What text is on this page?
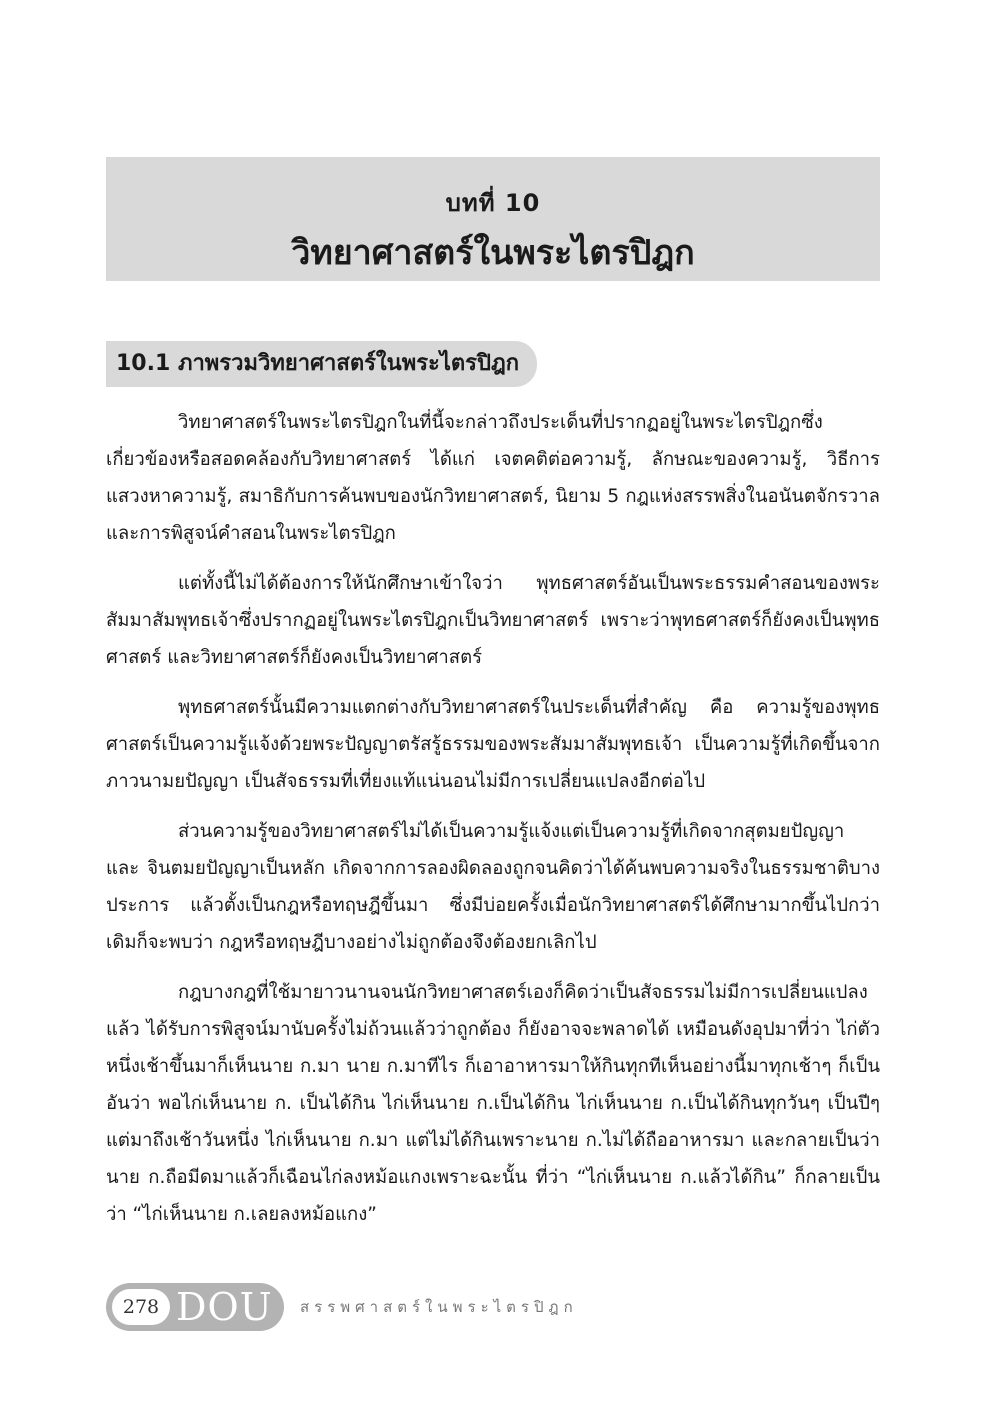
บทที่ 10
วิทยาศาสตร์ในพระไตรปิฎก
10.1 ภาพรวมวิทยาศาสตร์ในพระไตรปิฎก

วิทยาศาสตร์ในพระไตรปิฎกในที่นี้จะกล่าวถึงประเด็นที่ปรากฏอยู่ในพระไตรปิฎกซึ่งเกี่ยวข้องหรือสอดคล้องกับวิทยาศาสตร์ ได้แก่ เจตคติต่อความรู้, ลักษณะของความรู้, วิธีการแสวงหาความรู้, สมาธิกับการค้นพบของนักวิทยาศาสตร์, นิยาม 5 กฎแห่งสรรพสิ่งในอนันตจักรวาล และการพิสูจน์คำสอนในพระไตรปิฎก

แต่ทั้งนี้ไม่ได้ต้องการให้นักศึกษาเข้าใจว่า พุทธศาสตร์อันเป็นพระธรรมคำสอนของพระสัมมาสัมพุทธเจ้าซึ่งปรากฏอยู่ในพระไตรปิฎกเป็นวิทยาศาสตร์ เพราะว่าพุทธศาสตร์ก็ยังคงเป็นพุทธศาสตร์ และวิทยาศาสตร์ก็ยังคงเป็นวิทยาศาสตร์

พุทธศาสตร์นั้นมีความแตกต่างกับวิทยาศาสตร์ในประเด็นที่สำคัญ คือ ความรู้ของพุทธศาสตร์เป็นความรู้แจ้งด้วยพระปัญญาตรัสรู้ธรรมของพระสัมมาสัมพุทธเจ้า เป็นความรู้ที่เกิดขึ้นจากภาวนามยปัญญา เป็นสัจธรรมที่เที่ยงแท้แน่นอนไม่มีการเปลี่ยนแปลงอีกต่อไป

ส่วนความรู้ของวิทยาศาสตร์ไม่ได้เป็นความรู้แจ้งแต่เป็นความรู้ที่เกิดจากสุตมยปัญญา และ จินตมยปัญญาเป็นหลัก เกิดจากการลองผิดลองถูกจนคิดว่าได้ค้นพบความจริงในธรรมชาติบางประการ แล้วตั้งเป็นกฎหรือทฤษฎีขึ้นมา ซึ่งมีบ่อยครั้งเมื่อนักวิทยาศาสตร์ได้ศึกษามากขึ้นไปกว่าเดิมก็จะพบว่า กฎหรือทฤษฎีบางอย่างไม่ถูกต้องจึงต้องยกเลิกไป

กฎบางกฎที่ใช้มายาวนานจนนักวิทยาศาสตร์เองก็คิดว่าเป็นสัจธรรมไม่มีการเปลี่ยนแปลงแล้ว ได้รับการพิสูจน์มานับครั้งไม่ถ้วนแล้วว่าถูกต้อง ก็ยังอาจจะพลาดได้ เหมือนดังอุปมาที่ว่า ไก่ตัวหนึ่งเช้าขึ้นมาก็เห็นนาย ก.มา นาย ก.มาทีไร ก็เอาอาหารมาให้กินทุกทีเห็นอย่างนี้มาทุกเช้าๆ ก็เป็นอันว่า พอไก่เห็นนาย ก. เป็นได้กิน ไก่เห็นนาย ก.เป็นได้กิน ไก่เห็นนาย ก.เป็นได้กินทุกวันๆ เป็นปีๆ แต่มาถึงเช้าวันหนึ่ง ไก่เห็นนาย ก.มา แต่ไม่ได้กินเพราะนาย ก.ไม่ได้ถืออาหารมา และกลายเป็นว่า นาย ก.ถือมีดมาแล้วก็เฉือนไก่ลงหม้อแกงเพราะฉะนั้น ที่ว่า “ไก่เห็นนาย ก.แล้วได้กิน” ก็กลายเป็นว่า “ไก่เห็นนาย ก.เลยลงหม้อแกง”

278 DOU สรรพศาสตร์ในพระไตรปิฎก
